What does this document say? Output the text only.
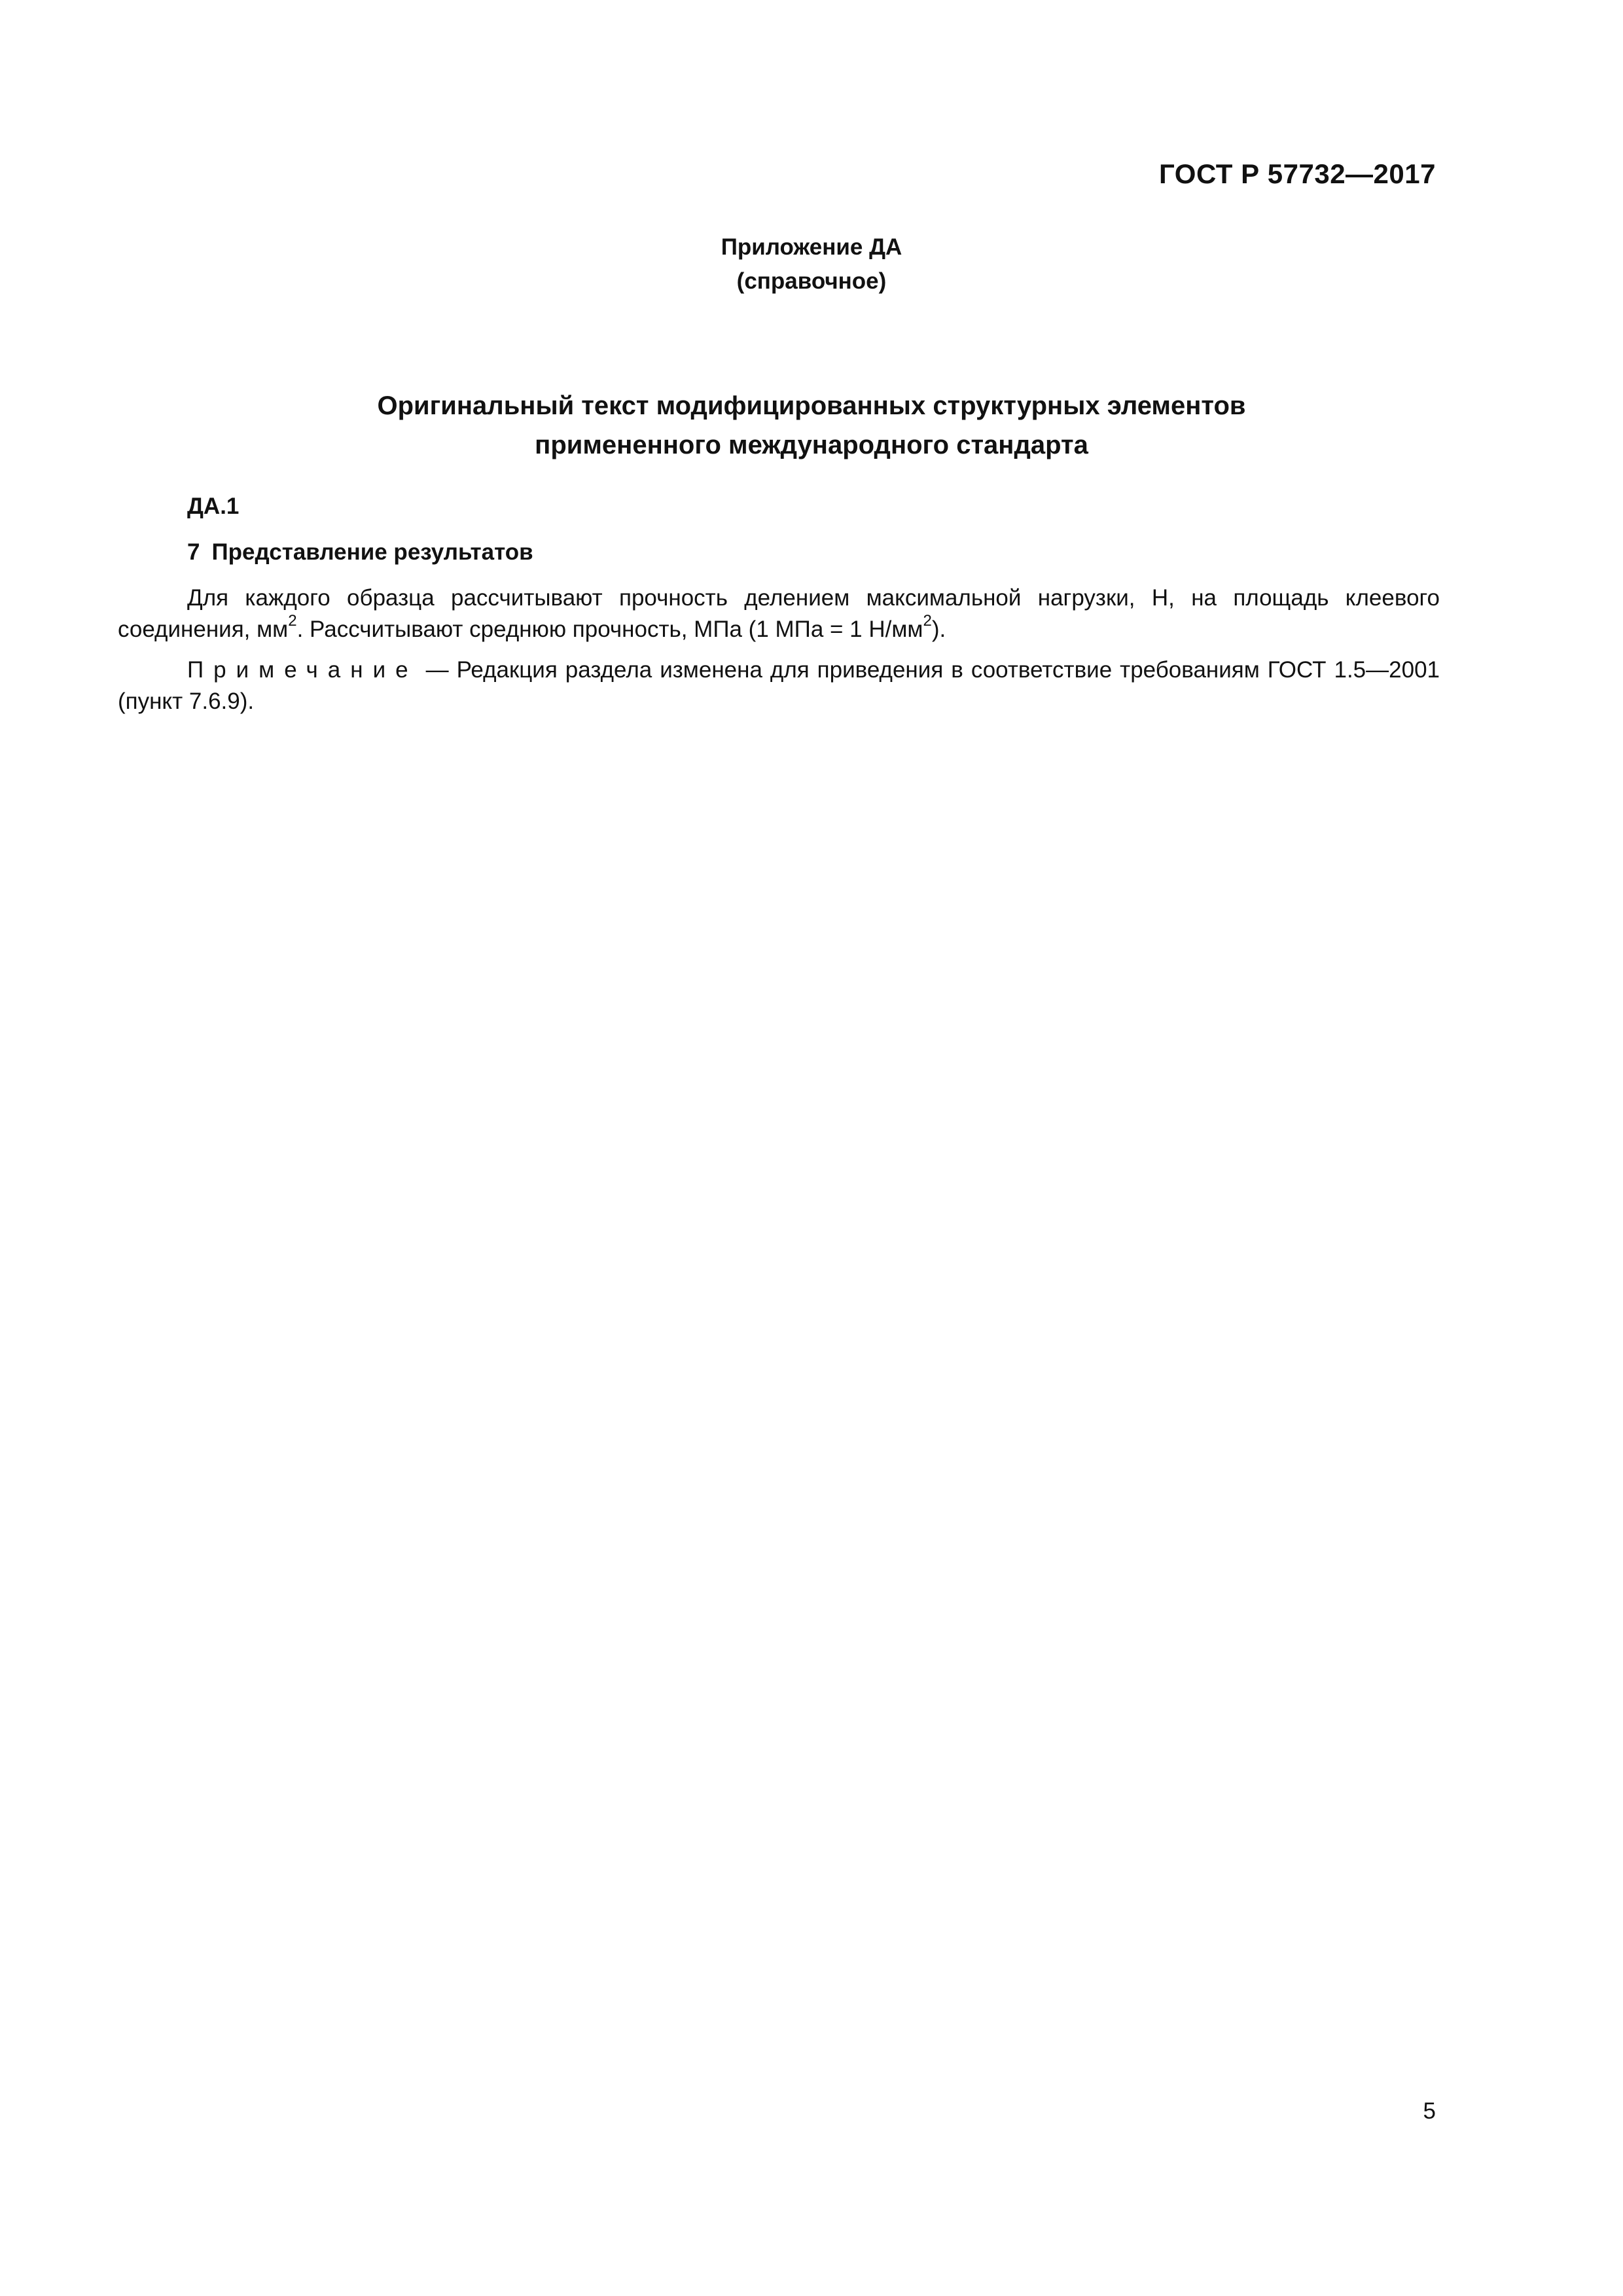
ГОСТ Р 57732—2017
Приложение ДА
(справочное)
Оригинальный текст модифицированных структурных элементов
примененного международного стандарта
ДА.1
7 Представление результатов
Для каждого образца рассчитывают прочность делением максимальной нагрузки, Н, на площадь клеевого соединения, $мм^2$. Рассчитывают среднюю прочность, МПа (1 МПа = 1 $Н/мм^2$).
Примечание — Редакция раздела изменена для приведения в соответствие требованиям ГОСТ 1.5—2001 (пункт 7.6.9).
5
